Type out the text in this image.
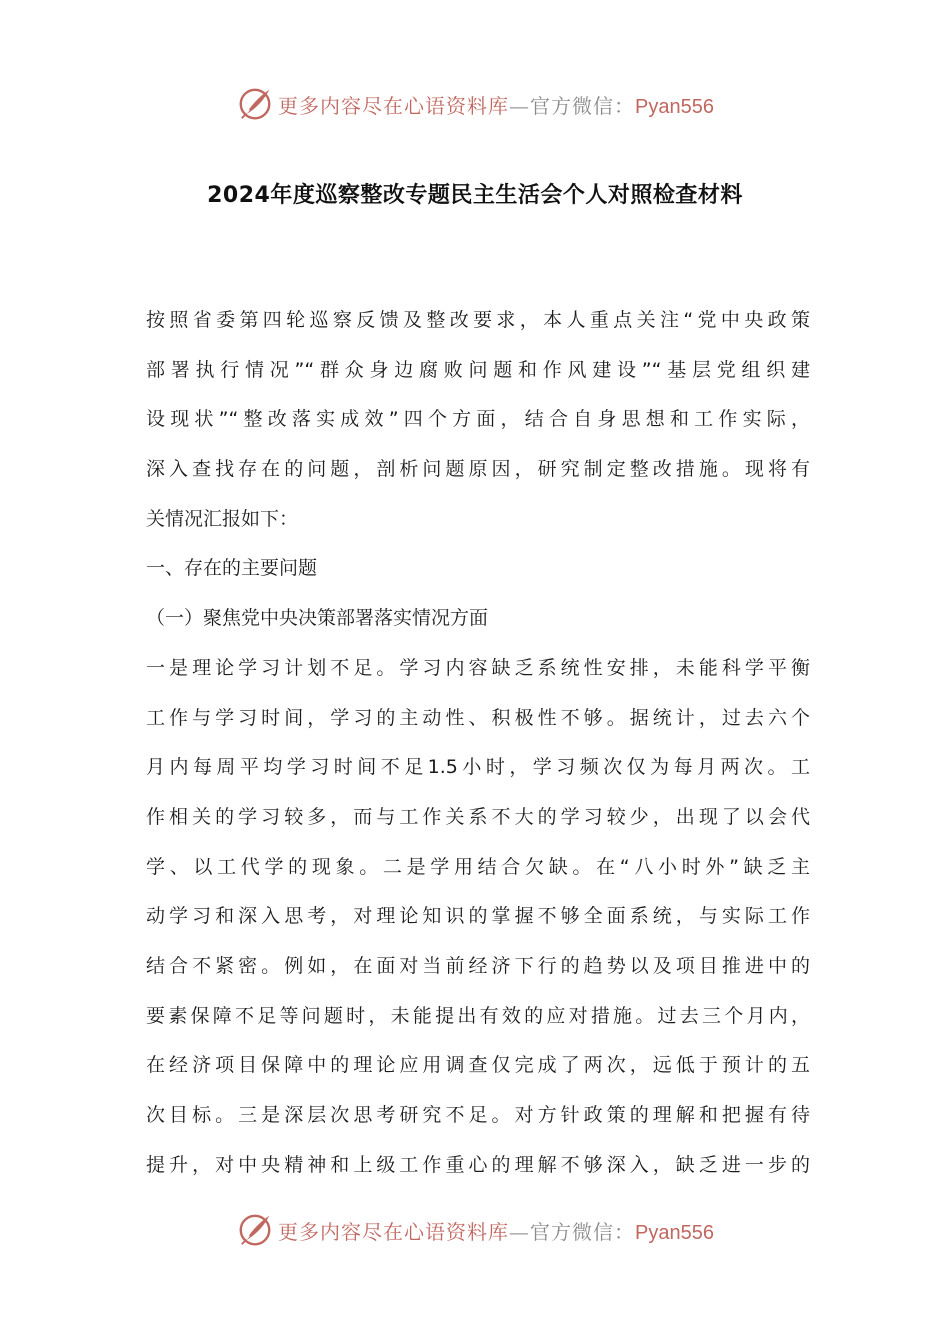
更多内容尽在心语资料库—官方微信：Pyan556
2024年度巡察整改专题民主生活会个人对照检查材料
按照省委第四轮巡察反馈及整改要求，本人重点关注“党中央政策
部署执行情况”“群众身边腐败问题和作风建设”“基层党组织建
设现状”“整改落实成效”四个方面，结合自身思想和工作实际，
深入查找存在的问题，剖析问题原因，研究制定整改措施。现将有
关情况汇报如下：
一、存在的主要问题
（一）聚焦党中央决策部署落实情况方面
一是理论学习计划不足。学习内容缺乏系统性安排，未能科学平衡
工作与学习时间，学习的主动性、积极性不够。据统计，过去六个
月内每周平均学习时间不足1.5小时，学习频次仅为每月两次。工
作相关的学习较多，而与工作关系不大的学习较少，出现了以会代
学、以工代学的现象。二是学用结合欠缺。在“八小时外”缺乏主
动学习和深入思考，对理论知识的掌握不够全面系统，与实际工作
结合不紧密。例如，在面对当前经济下行的趋势以及项目推进中的
要素保障不足等问题时，未能提出有效的应对措施。过去三个月内，
在经济项目保障中的理论应用调查仅完成了两次，远低于预计的五
次目标。三是深层次思考研究不足。对方针政策的理解和把握有待
提升，对中央精神和上级工作重心的理解不够深入，缺乏进一步的
更多内容尽在心语资料库—官方微信：Pyan556
